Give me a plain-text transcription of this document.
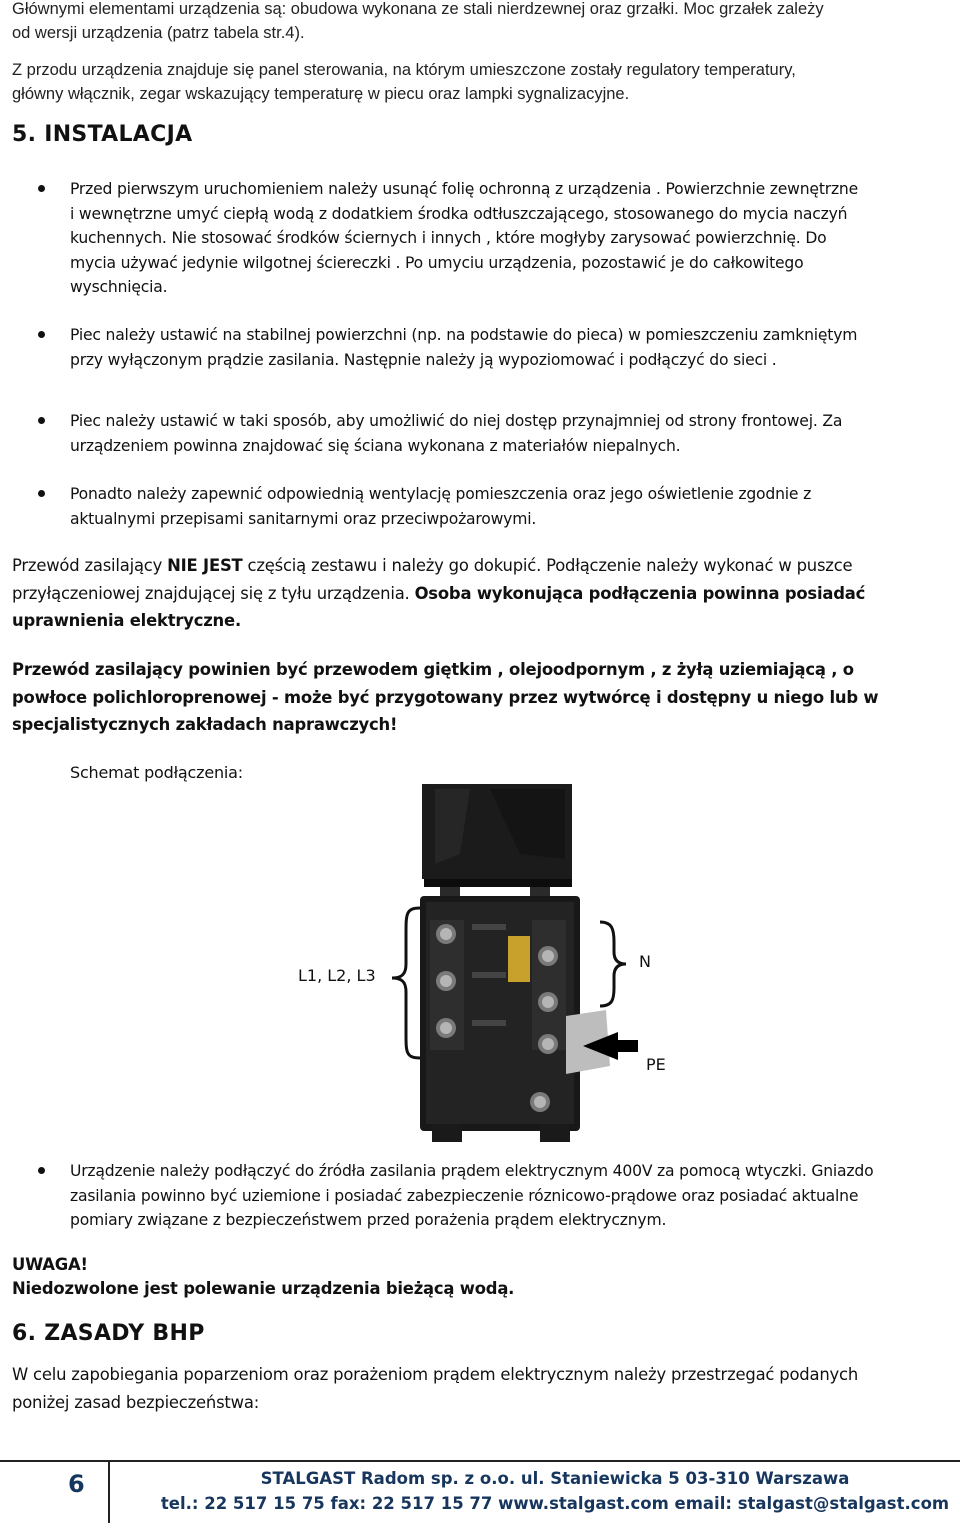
Głównymi elementami urządzenia są: obudowa wykonana ze stali nierdzewnej oraz grzałki. Moc grzałek zależy
od wersji urządzenia (patrz tabela str.4).
Z przodu urządzenia znajduje się panel sterowania, na którym umieszczone zostały regulatory temperatury,
główny włącznik, zegar wskazujący temperaturę w piecu oraz lampki sygnalizacyjne.
5. INSTALACJA
Przed pierwszym uruchomieniem należy usunąć folię ochronną z urządzenia . Powierzchnie zewnętrzne
i wewnętrzne umyć ciepłą wodą z dodatkiem środka odtłuszczającego, stosowanego do mycia naczyń
kuchennych. Nie stosować środków ściernych i innych , które mogłyby zarysować powierzchnię. Do
mycia używać jedynie wilgotnej ściereczki . Po umyciu urządzenia, pozostawić je do całkowitego
wyschnięcia.
Piec należy ustawić na stabilnej powierzchni (np. na podstawie do pieca) w pomieszczeniu zamkniętym
przy wyłączonym prądzie zasilania. Następnie należy ją wypoziomować i podłączyć do sieci .
Piec należy ustawić w taki sposób, aby umożliwić do niej dostęp przynajmniej od strony frontowej. Za
urządzeniem powinna znajdować się ściana wykonana z materiałów niepalnych.
Ponadto należy zapewnić odpowiednią wentylację pomieszczenia oraz jego oświetlenie zgodnie z
aktualnymi przepisami sanitarnymi oraz przeciwpożarowymi.
Przewód zasilający NIE JEST częścią zestawu i należy go dokupić. Podłączenie należy wykonać w puszce
przyłączeniowej znajdującej się z tyłu urządzenia. Osoba wykonująca podłączenia powinna posiadać
uprawnienia elektryczne.
Przewód zasilający powinien być przewodem giętkim , olejoodpornym , z żyłą uziemiającą , o
powłoce polichloroprenowej - może być przygotowany przez wytwórcę i dostępny u niego lub w
specjalistycznych zakładach naprawczych!
Schemat podłączenia:
L1, L2, L3
N
PE
Urządzenie należy podłączyć do źródła zasilania prądem elektrycznym 400V za pomocą wtyczki. Gniazdo
zasilania powinno być uziemione i posiadać zabezpieczenie róznicowo-prądowe oraz posiadać aktualne
pomiary związane z bezpieczeństwem przed porażenia prądem elektrycznym.
UWAGA!
Niedozwolone jest polewanie urządzenia bieżącą wodą.
6. ZASADY BHP
W celu zapobiegania poparzeniom oraz porażeniom prądem elektrycznym należy przestrzegać podanych
poniżej zasad bezpieczeństwa:
6	STALGAST Radom sp. z o.o. ul. Staniewicka 5 03-310 Warszawa
tel.: 22 517 15 75 fax: 22 517 15 77 www.stalgast.com email: stalgast@stalgast.com
